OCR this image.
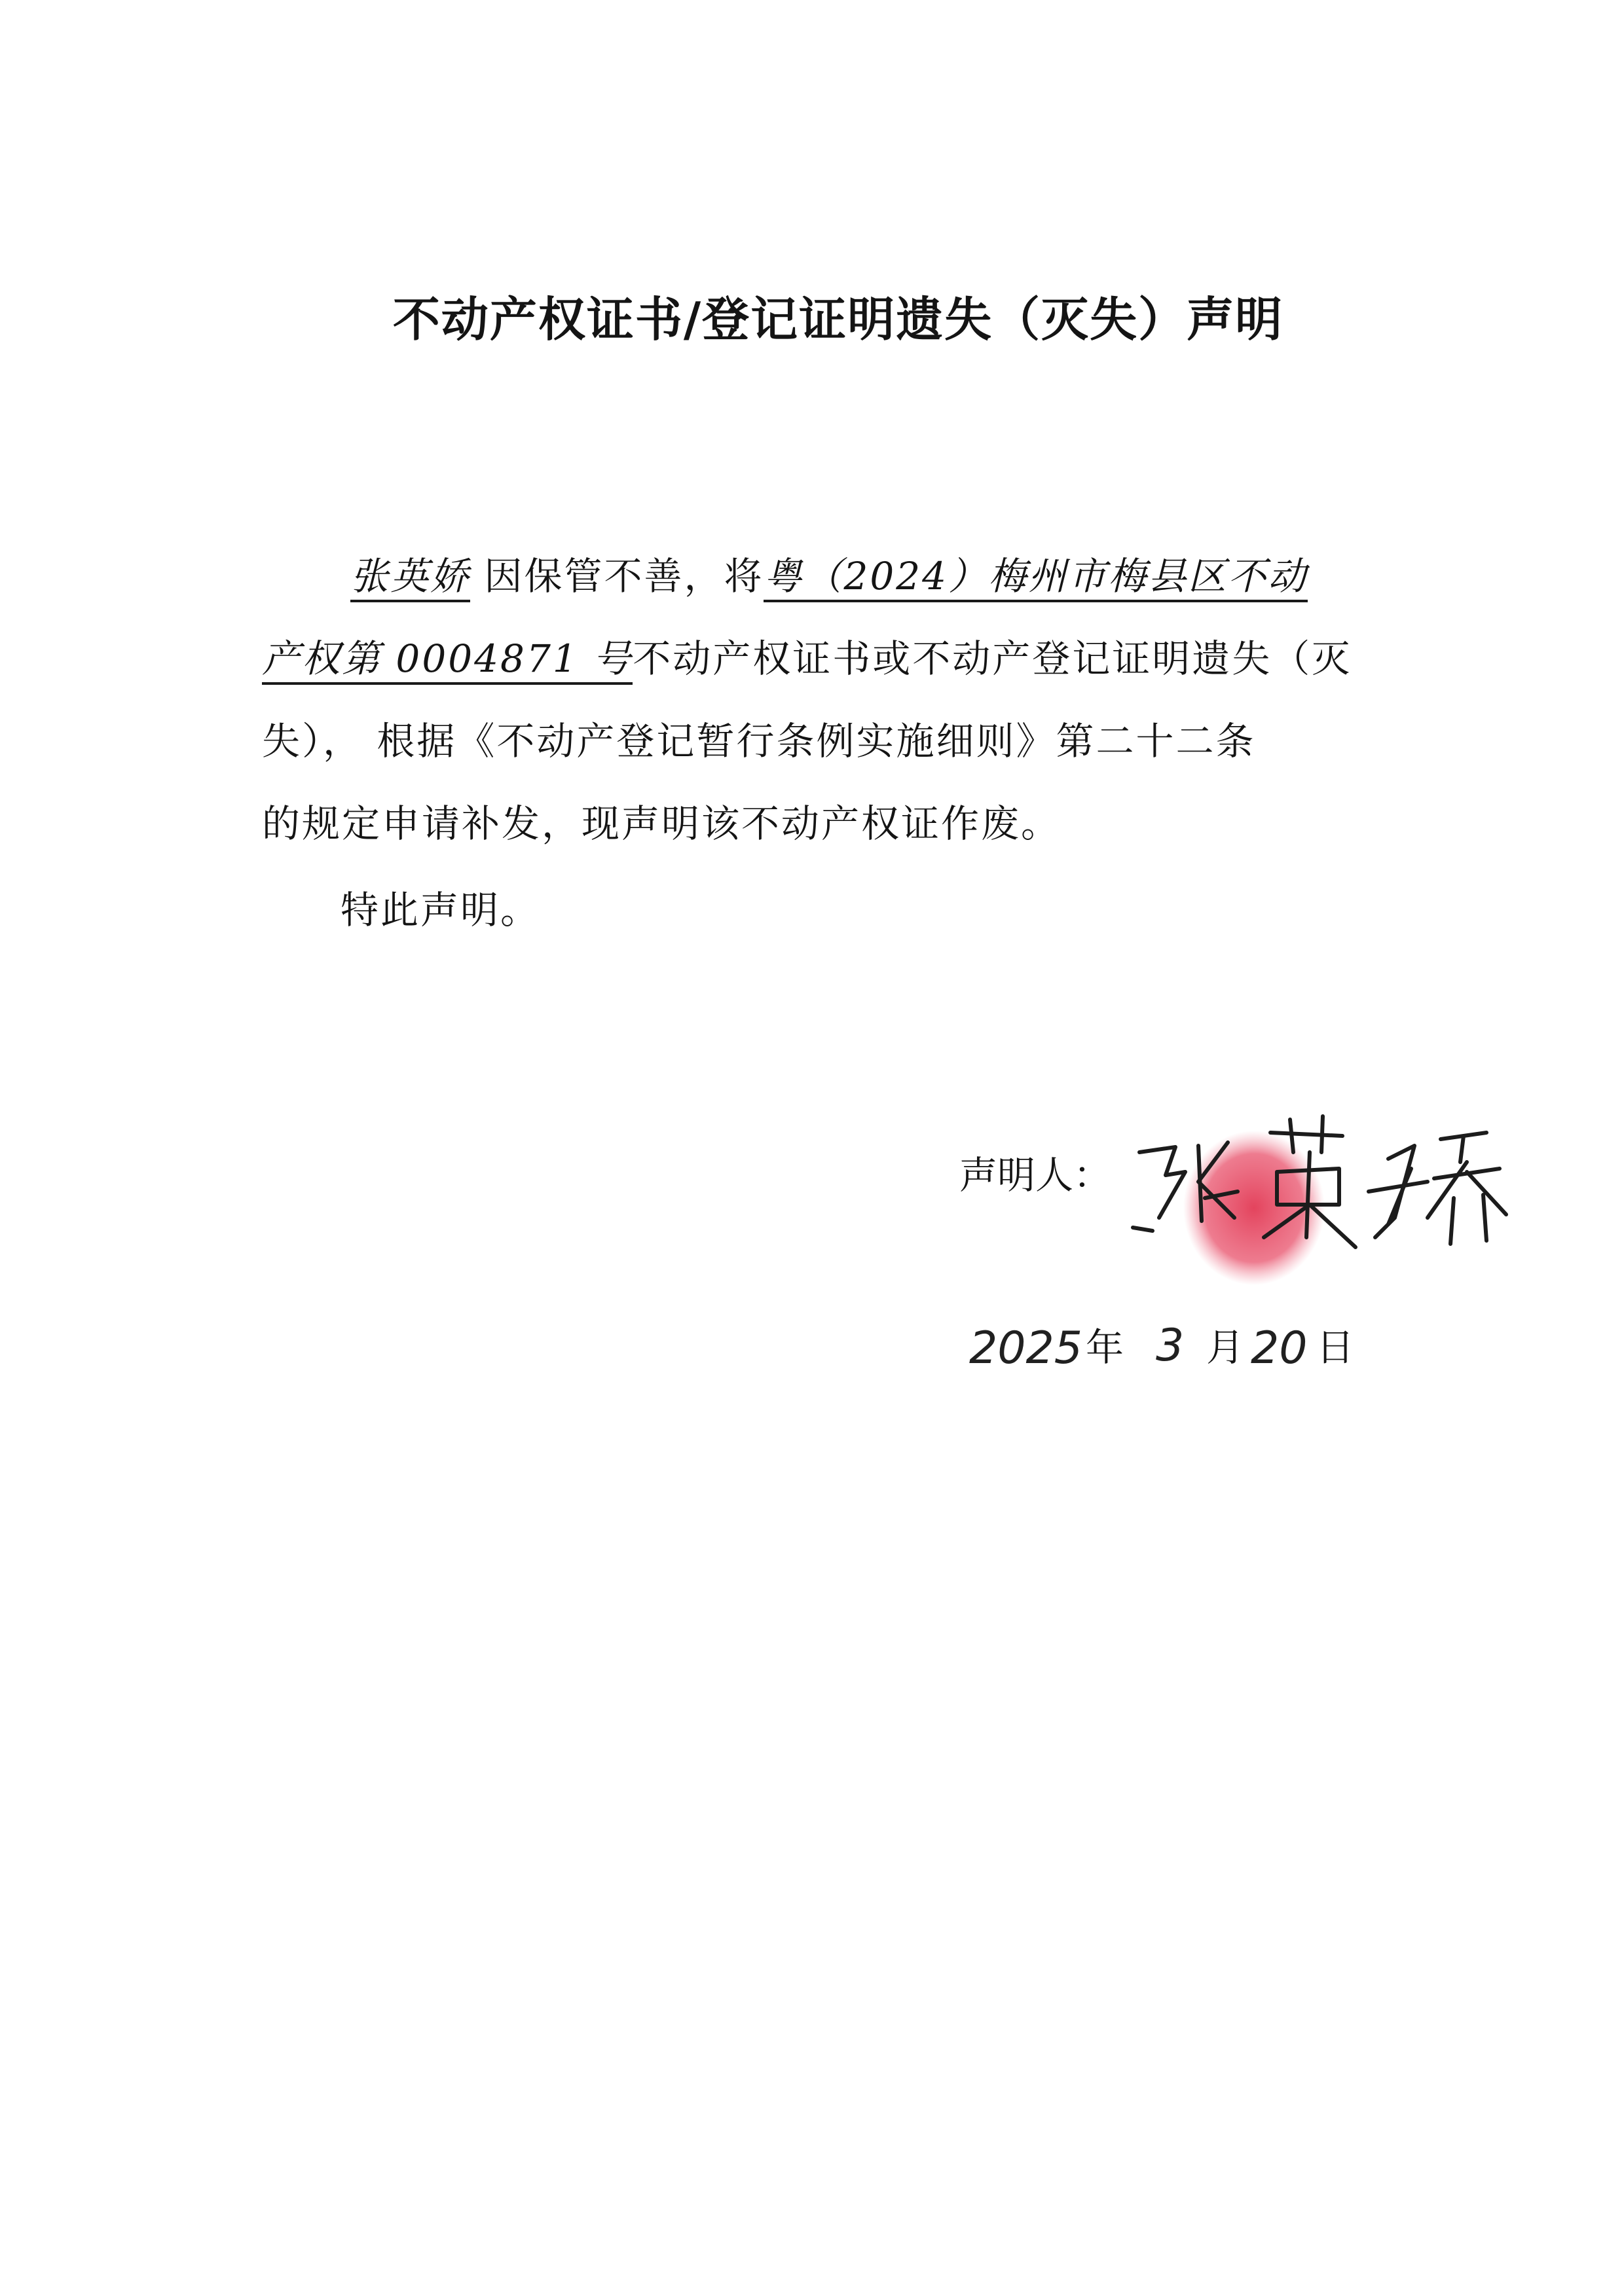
不动产权证书/登记证明遗失（灭失）声明
张英娇 因保管不善，将粤（2024）梅州市梅县区不动
产权第 0004871 号不动产权证书或不动产登记证明遗失（灭
失）， 根据《不动产登记暂行条例实施细则》第二十二条
的规定申请补发，现声明该不动产权证作废。
特此声明。
声明人：
2025 年 3 月 20 日
